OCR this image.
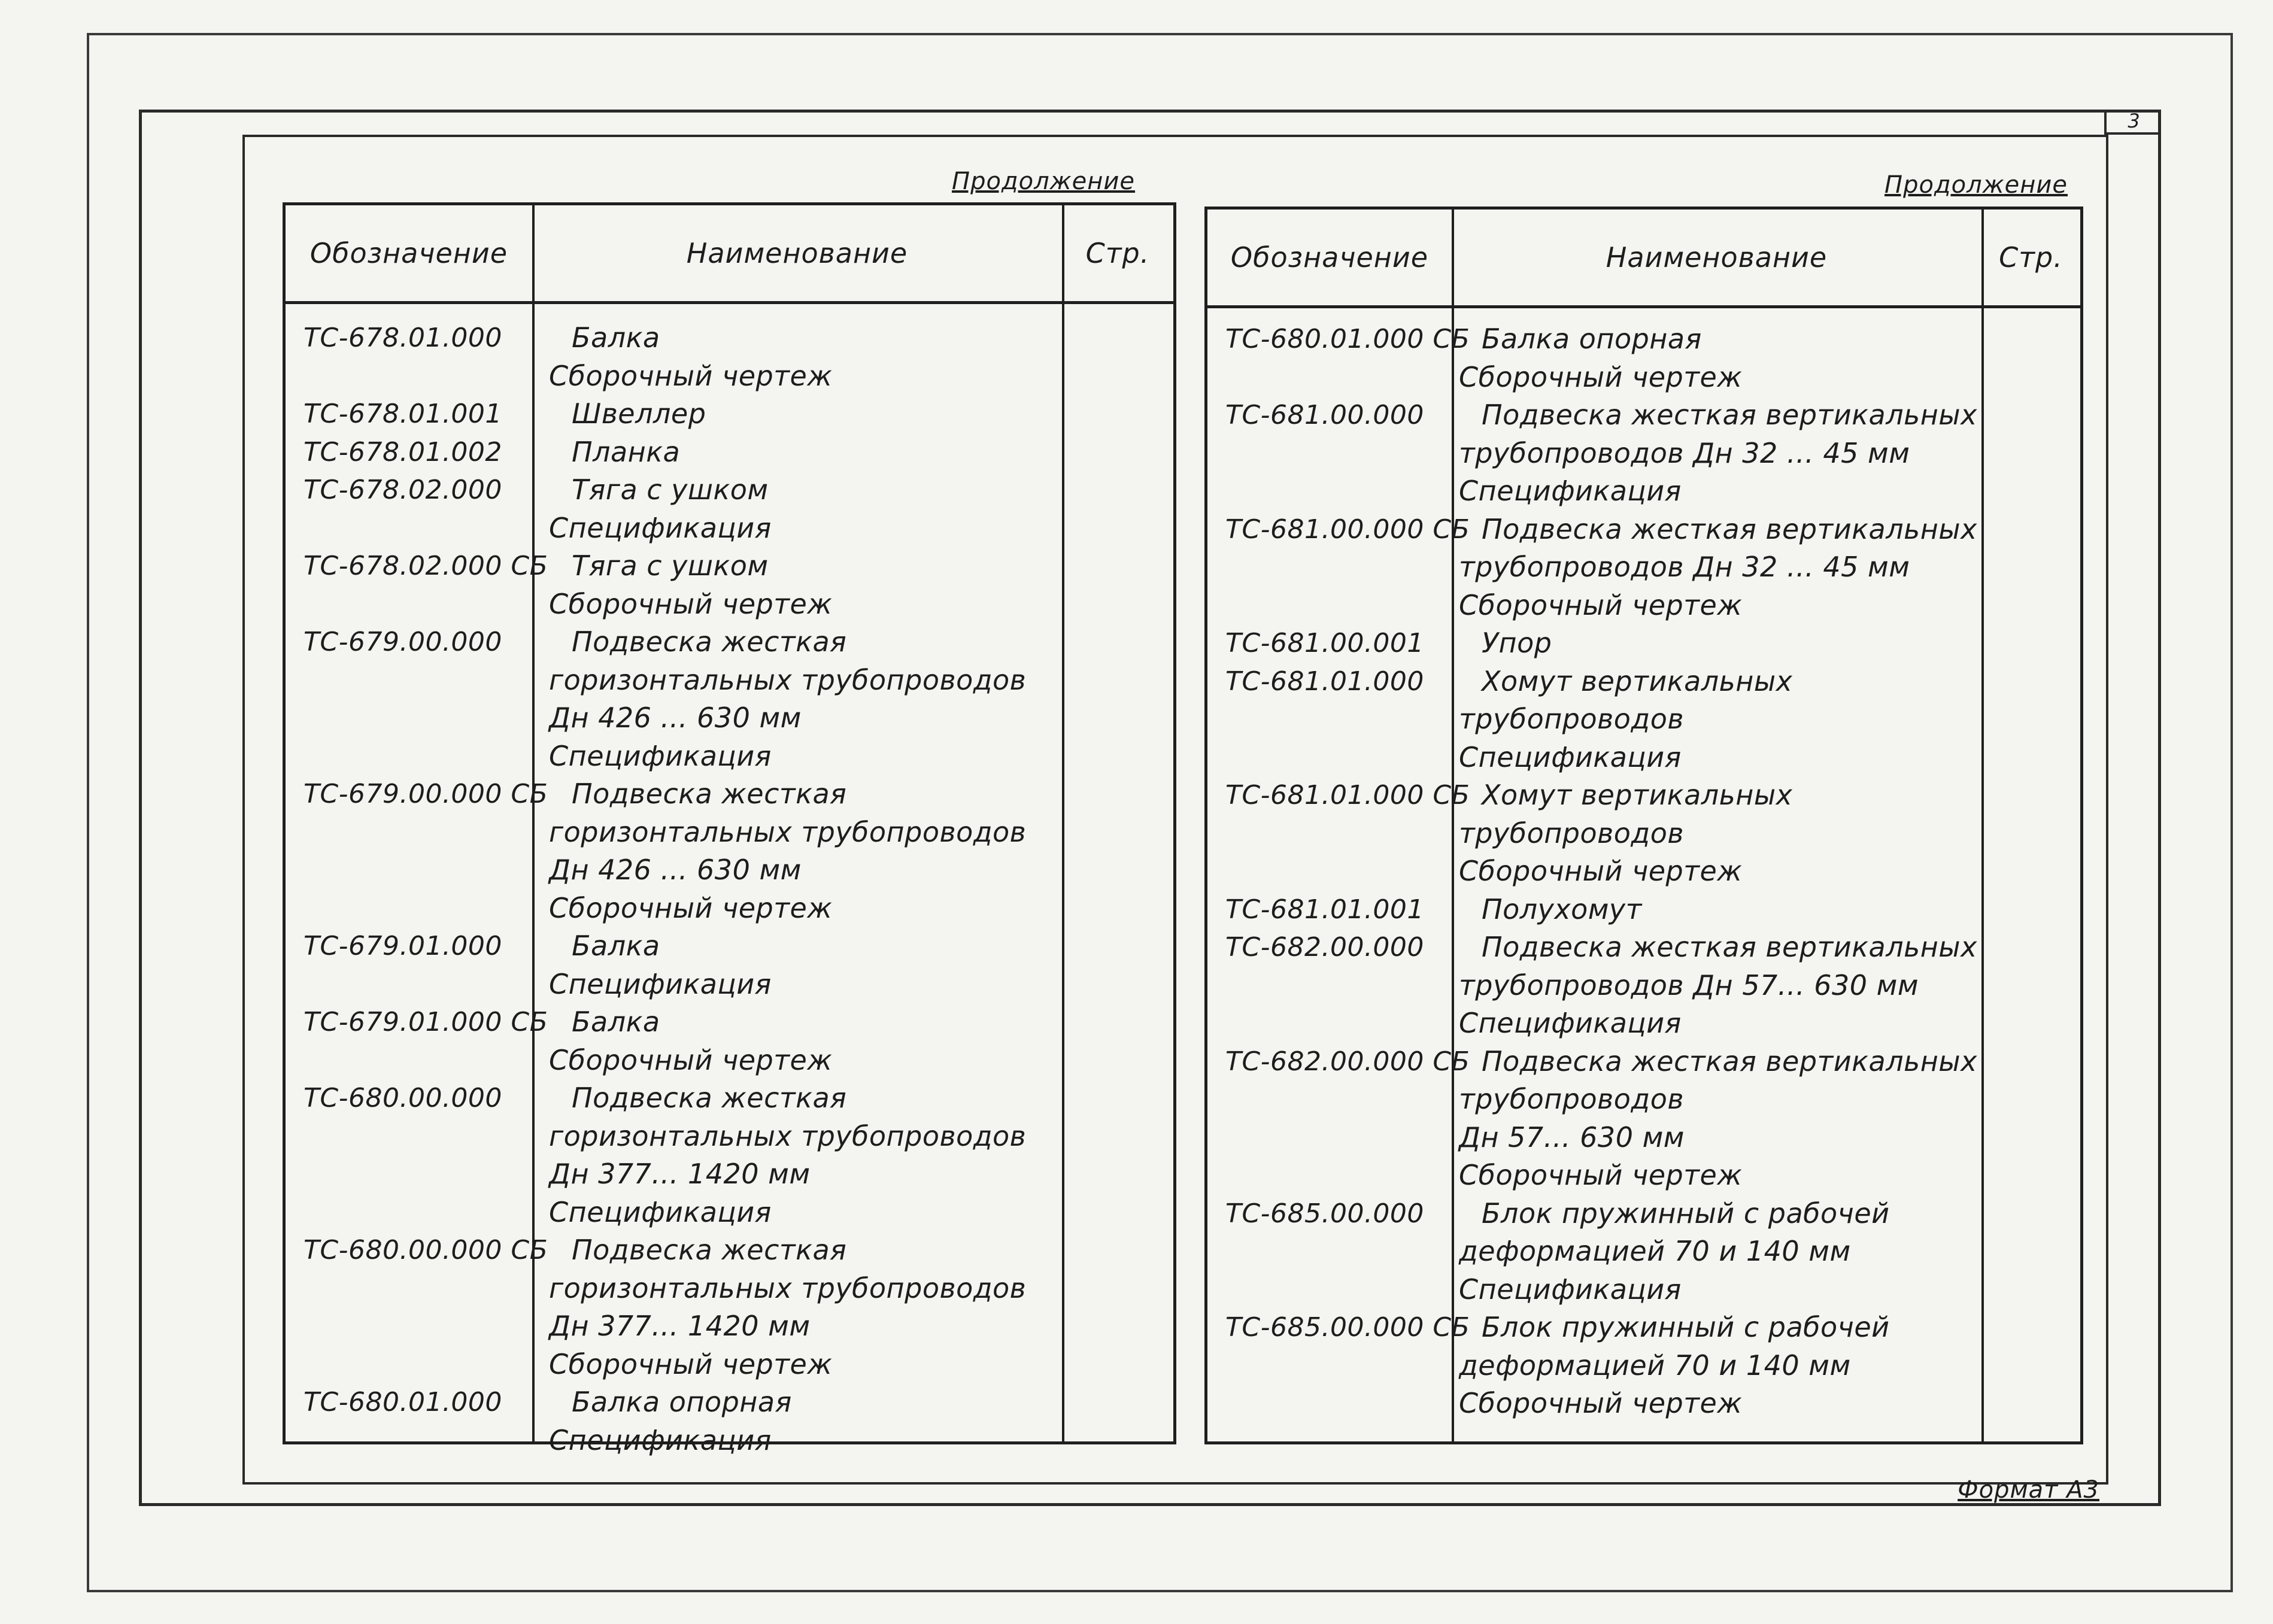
3
Формат А3
Продолжение
Обозначение	Наименование	Стр.
ТС-678.01.000	Балка
Сборочный чертеж
ТС-678.01.001	Швеллер
ТС-678.01.002	Планка
ТС-678.02.000	Тяга с ушком
Спецификация
ТС-678.02.000 СБ Тяга с ушком
Сборочный чертеж
ТС-679.00.000	Подвеска жесткая
горизонтальных трубопроводов
Дн 426 ... 630 мм
Спецификация
ТС-679.00.000 СБ Подвеска жесткая
горизонтальных трубопроводов
Дн 426 ... 630 мм
Сборочный чертеж
ТС-679.01.000	Балка
Спецификация
ТС-679.01.000 СБ Балка
Сборочный чертеж
ТС-680.00.000	Подвеска жесткая
горизонтальных трубопроводов
Дн 377... 1420 мм
Спецификация
ТС-680.00.000 СБ Подвеска жесткая
горизонтальных трубопроводов
Дн 377... 1420 мм
Сборочный чертеж
ТС-680.01.000	Балка опорная
Спецификация
Продолжение
Обозначение	Наименование	Стр.
ТС-680.01.000 СБ Балка опорная
Сборочный чертеж
ТС-681.00.000 Подвеска жесткая вертикальных
трубопроводов Дн 32 ... 45 мм
Спецификация
ТС-681.00.000 СБ Подвеска жесткая вертикальных
трубопроводов Дн 32 ... 45 мм
Сборочный чертеж
ТС-681.00.001 Упор
ТС-681.01.000 Хомут вертикальных
трубопроводов
Спецификация
ТС-681.01.000 СБ Хомут вертикальных
трубопроводов
Сборочный чертеж
ТС-681.01.001 Полухомут
ТС-682.00.000 Подвеска жесткая вертикальных
трубопроводов Дн 57... 630 мм
Спецификация
ТС-682.00.000 СБ Подвеска жесткая вертикальных
трубопроводов
Дн 57... 630 мм
Сборочный чертеж
ТС-685.00.000 Блок пружинный с рабочей
деформацией 70 и 140 мм
Спецификация
ТС-685.00.000 СБ Блок пружинный с рабочей
деформацией 70 и 140 мм
Сборочный чертеж
